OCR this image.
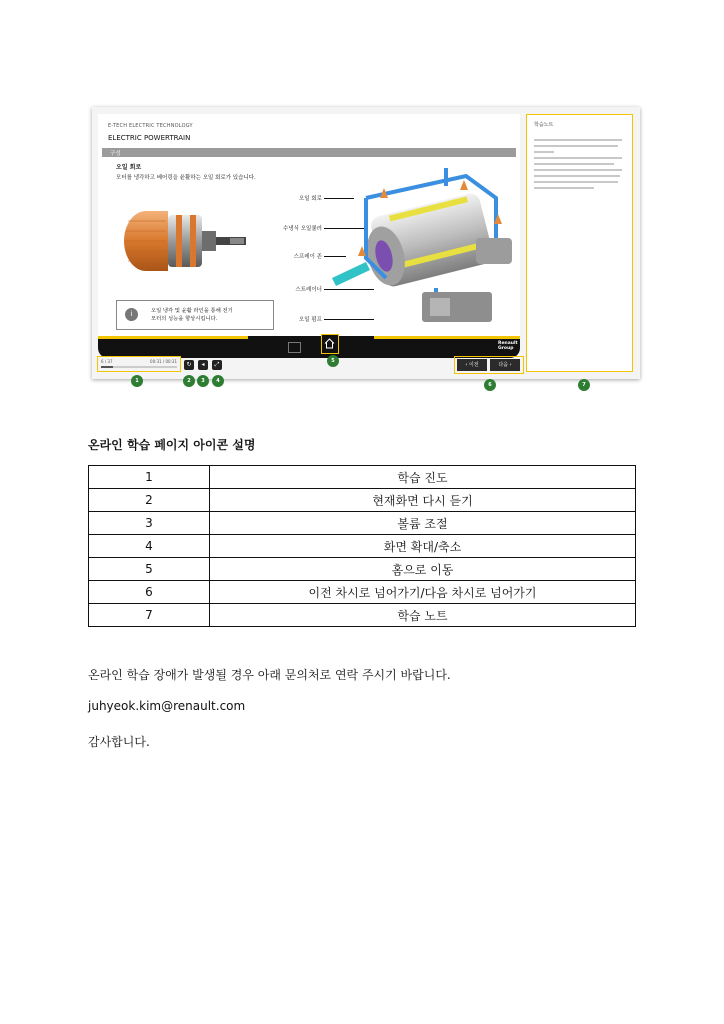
E-TECH ELECTRIC TECHNOLOGY
ELECTRIC POWERTRAIN
구성
오일 회로
모터를 냉각하고 베어링을 윤활하는 오일 회로가 있습니다.
i	오일 냉각 및 윤활 라인을 통해 전기
모터의 성능을 향상시킵니다.
오일 회로
수냉식 오일쿨러
스프레이 존
스트레이너
오일 펌프
Renault
Group
6 / 37	00:31 / 00:31	↻	◂	⤢	‹ 이전	다음 ›
학습노트
1	2	3	4
5
6	7
온라인 학습 페이지 아이콘 설명
1	학습 진도
2	현재화면 다시 듣기
3	볼륨 조절
4	화면 확대/축소
5	홈으로 이동
6	이전 차시로 넘어가기/다음 차시로 넘어가기
7	학습 노트
온라인 학습 장애가 발생될 경우 아래 문의처로 연락 주시기 바랍니다.
juhyeok.kim@renault.com
감사합니다.
